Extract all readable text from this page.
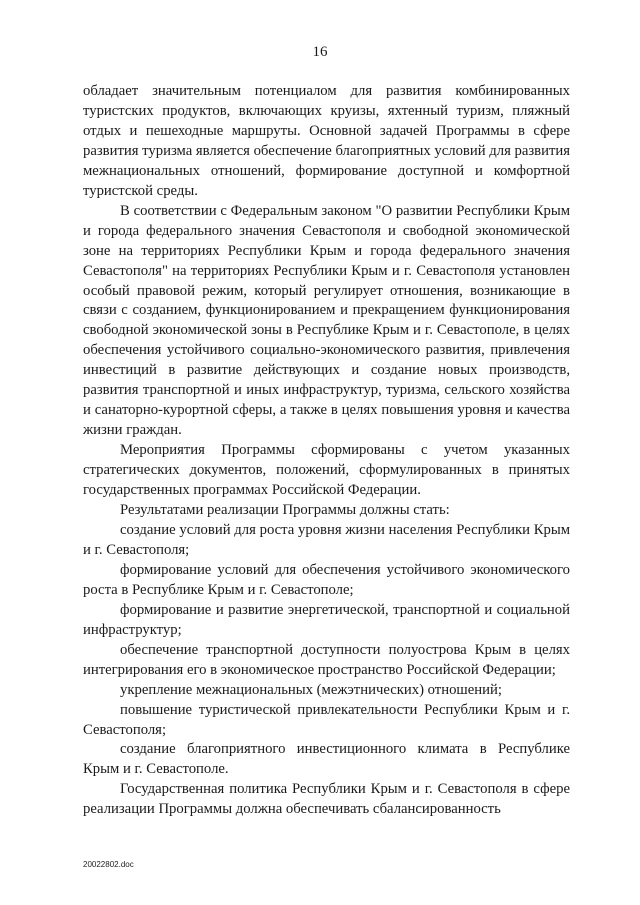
16

обладает значительным потенциалом для развития комбинированных туристских продуктов, включающих круизы, яхтенный туризм, пляжный отдых и пешеходные маршруты. Основной задачей Программы в сфере развития туризма является обеспечение благоприятных условий для развития межнациональных отношений, формирование доступной и комфортной туристской среды.

В соответствии с Федеральным законом "О развитии Республики Крым и города федерального значения Севастополя и свободной экономической зоне на территориях Республики Крым и города федерального значения Севастополя" на территориях Республики Крым и г. Севастополя установлен особый правовой режим, который регулирует отношения, возникающие в связи с созданием, функционированием и прекращением функционирования свободной экономической зоны в Республике Крым и г. Севастополе, в целях обеспечения устойчивого социально-экономического развития, привлечения инвестиций в развитие действующих и создание новых производств, развития транспортной и иных инфраструктур, туризма, сельского хозяйства и санаторно-курортной сферы, а также в целях повышения уровня и качества жизни граждан.

Мероприятия Программы сформированы с учетом указанных стратегических документов, положений, сформулированных в принятых государственных программах Российской Федерации.

Результатами реализации Программы должны стать:

создание условий для роста уровня жизни населения Республики Крым и г. Севастополя;

формирование условий для обеспечения устойчивого экономического роста в Республике Крым и г. Севастополе;

формирование и развитие энергетической, транспортной и социальной инфраструктур;

обеспечение транспортной доступности полуострова Крым в целях интегрирования его в экономическое пространство Российской Федерации;

укрепление межнациональных (межэтнических) отношений;

повышение туристической привлекательности Республики Крым и г. Севастополя;

создание благоприятного инвестиционного климата в Республике Крым и г. Севастополе.

Государственная политика Республики Крым и г. Севастополя в сфере реализации Программы должна обеспечивать сбалансированность

20022802.doc
